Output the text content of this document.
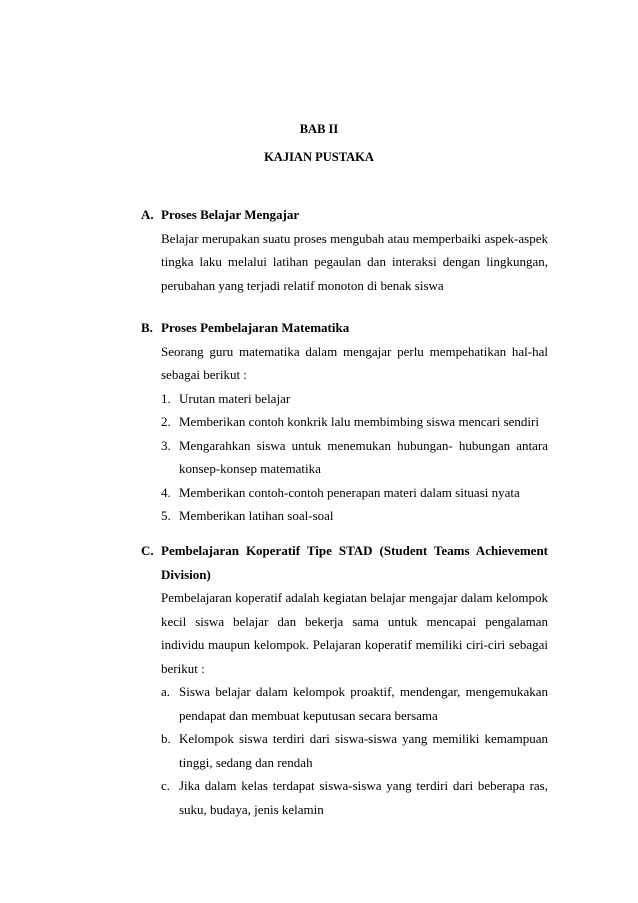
BAB II
KAJIAN PUSTAKA
A. Proses Belajar Mengajar
Belajar merupakan suatu proses mengubah atau memperbaiki aspek-aspek
tingka laku melalui latihan pegaulan dan interaksi dengan lingkungan,
perubahan yang terjadi relatif monoton di benak siswa
B. Proses Pembelajaran Matematika
Seorang guru matematika dalam mengajar perlu mempehatikan hal-hal
sebagai berikut :
1. Urutan materi belajar
2. Memberikan contoh konkrik lalu membimbing siswa mencari sendiri
3. Mengarahkan siswa untuk menemukan hubungan- hubungan antara
konsep-konsep matematika
4. Memberikan contoh-contoh penerapan materi dalam situasi nyata
5. Memberikan latihan soal-soal
C. Pembelajaran Koperatif Tipe STAD (Student Teams Achievement
Division)
Pembelajaran koperatif adalah kegiatan belajar mengajar dalam kelompok
kecil siswa belajar dan bekerja sama untuk mencapai pengalaman
individu maupun kelompok. Pelajaran koperatif memiliki ciri-ciri sebagai
berikut :
a. Siswa belajar dalam kelompok proaktif, mendengar, mengemukakan
pendapat dan membuat keputusan secara bersama
b. Kelompok siswa terdiri dari siswa-siswa yang memiliki kemampuan
tinggi, sedang dan rendah
c. Jika dalam kelas terdapat siswa-siswa yang terdiri dari beberapa ras,
suku, budaya, jenis kelamin
